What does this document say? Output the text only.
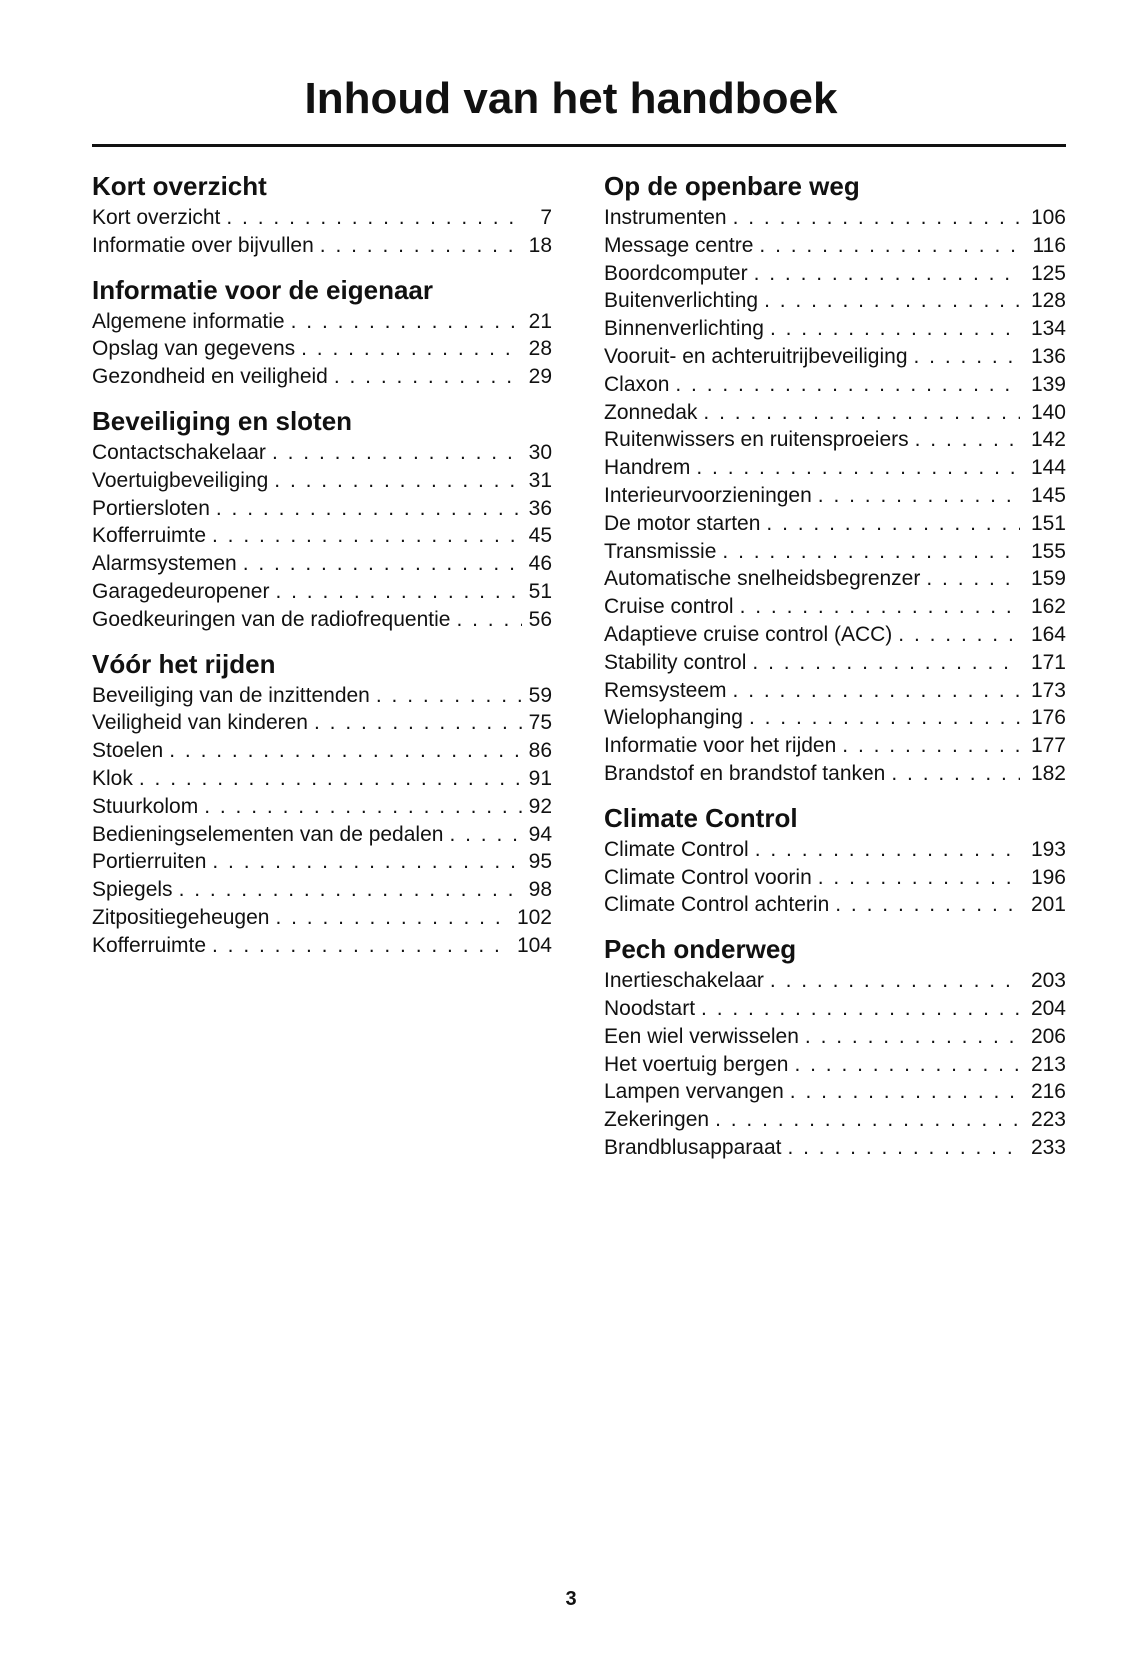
Inhoud van het handboek
Kort overzicht
Kort overzicht . . .	7
Informatie over bijvullen . . .	18
Informatie voor de eigenaar
Algemene informatie . . .	21
Opslag van gegevens . . .	28
Gezondheid en veiligheid . . .	29
Beveiliging en sloten
Contactschakelaar . . .	30
Voertuigbeveiliging . . .	31
Portiersloten . . .	36
Kofferruimte . . .	45
Alarmsystemen . . .	46
Garagedeuropener . . .	51
Goedkeuringen van de radiofrequentie . . .	56
Vóór het rijden
Beveiliging van de inzittenden . . .	59
Veiligheid van kinderen . . .	75
Stoelen . . .	86
Klok . . .	91
Stuurkolom . . .	92
Bedieningselementen van de pedalen . . .	94
Portierruiten . . .	95
Spiegels . . .	98
Zitpositiegeheugen . . .	102
Kofferruimte . . .	104
Op de openbare weg
Instrumenten . . .	106
Message centre . . .	116
Boordcomputer . . .	125
Buitenverlichting . . .	128
Binnenverlichting . . .	134
Vooruit- en achteruitrijbeveiliging . . .	136
Claxon . . .	139
Zonnedak . . .	140
Ruitenwissers en ruitensproeiers . . .	142
Handrem . . .	144
Interieurvoorzieningen . . .	145
De motor starten . . .	151
Transmissie . . .	155
Automatische snelheidsbegrenzer . . .	159
Cruise control . . .	162
Adaptieve cruise control (ACC) . . .	164
Stability control . . .	171
Remsysteem . . .	173
Wielophanging . . .	176
Informatie voor het rijden . . .	177
Brandstof en brandstof tanken . . .	182
Climate Control
Climate Control . . .	193
Climate Control voorin . . .	196
Climate Control achterin . . .	201
Pech onderweg
Inertieschakelaar . . .	203
Noodstart . . .	204
Een wiel verwisselen . . .	206
Het voertuig bergen . . .	213
Lampen vervangen . . .	216
Zekeringen . . .	223
Brandblusapparaat . . .	233
3
